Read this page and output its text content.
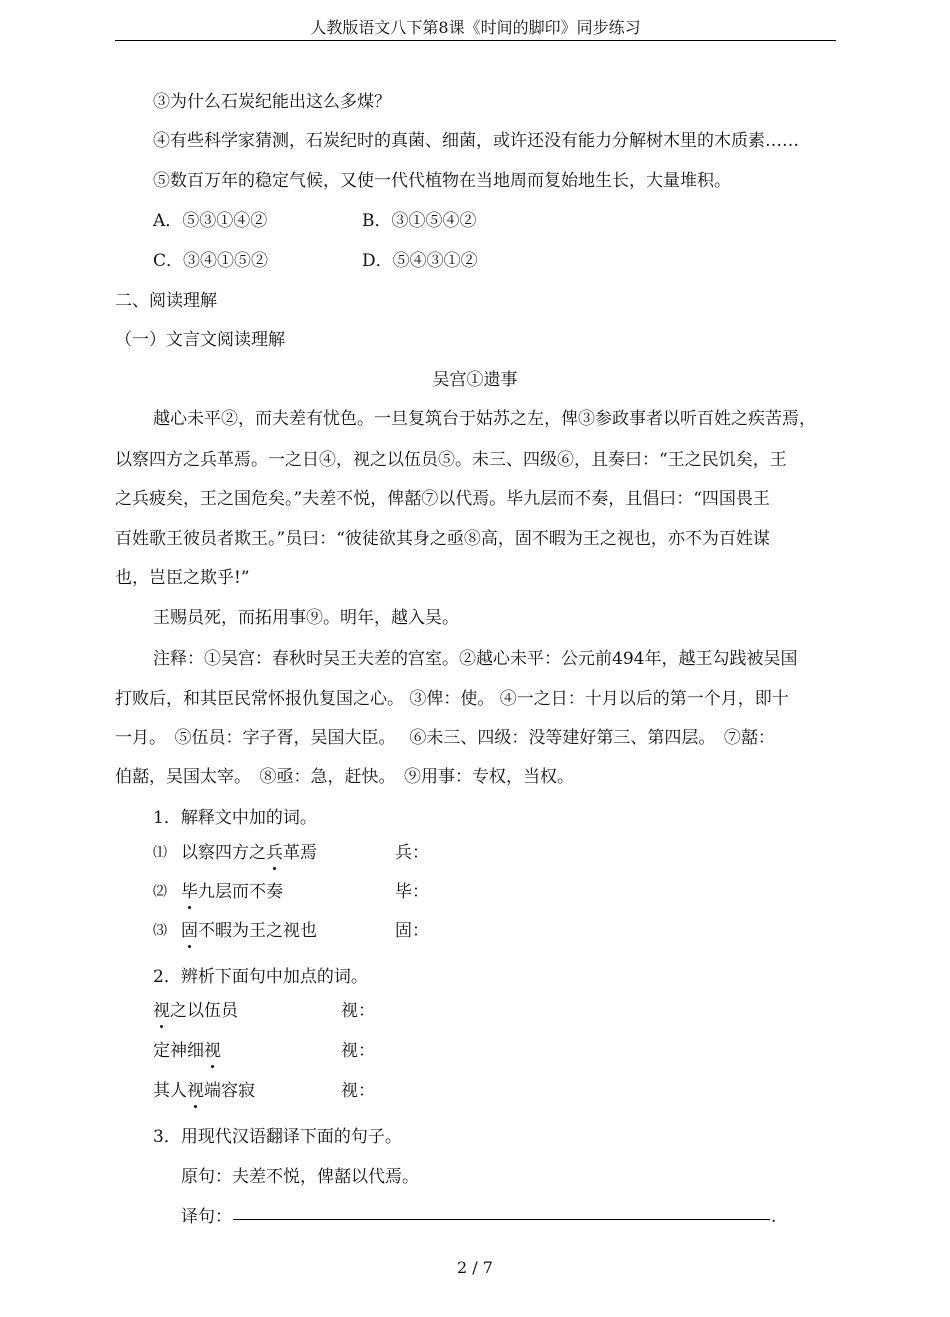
人教版语文八下第8课《时间的脚印》同步练习
③为什么石炭纪能出这么多煤？
④有些科学家猜测，石炭纪时的真菌、细菌，或许还没有能力分解树木里的木质素……
⑤数百万年的稳定气候，又使一代代植物在当地周而复始地生长，大量堆积。
A．⑤③①④②	B．③①⑤④②
C．③④①⑤②	D．⑤④③①②
二、阅读理解
（一）文言文阅读理解
吴宫①遗事
越心未平②，而夫差有忧色。一旦复筑台于姑苏之左，俾③参政事者以听百姓之疾苦焉，
以察四方之兵革焉。一之日④，视之以伍员⑤。未三、四级⑥，且奏曰：“王之民饥矣，王
之兵疲矣，王之国危矣。”夫差不悦，俾嚭⑦以代焉。毕九层而不奏，且倡曰：“四国畏王
百姓歌王彼员者欺王。”员曰：“彼徒欲其身之亟⑧高，固不暇为王之视也，亦不为百姓谋
也，岂臣之欺乎!”
王赐员死，而拓用事⑨。明年，越入吴。
注释：①吴宫：春秋时吴王夫差的宫室。②越心未平：公元前494年，越王勾践被吴国
打败后，和其臣民常怀报仇复国之心。 ③俾：使。 ④一之日：十月以后的第一个月，即十
一月。　⑤伍员：字子胥，吴国大臣。　 ⑥未三、四级：没等建好第三、第四层。　⑦嚭：
伯嚭，吴国太宰。　⑧亟：急，赶快。　⑨用事：专权，当权。
1．解释文中加的词。
⑴ 以察四方之兵革焉	兵：
⑵ 毕九层而不奏	毕：
⑶ 固不暇为王之视也	固：
2．辨析下面句中加点的词。
视之以伍员	视：
定神细视	视：
其人视端容寂	视：
3．用现代汉语翻译下面的句子。
原句：夫差不悦，俾嚭以代焉。
译句：	.
2 / 7
